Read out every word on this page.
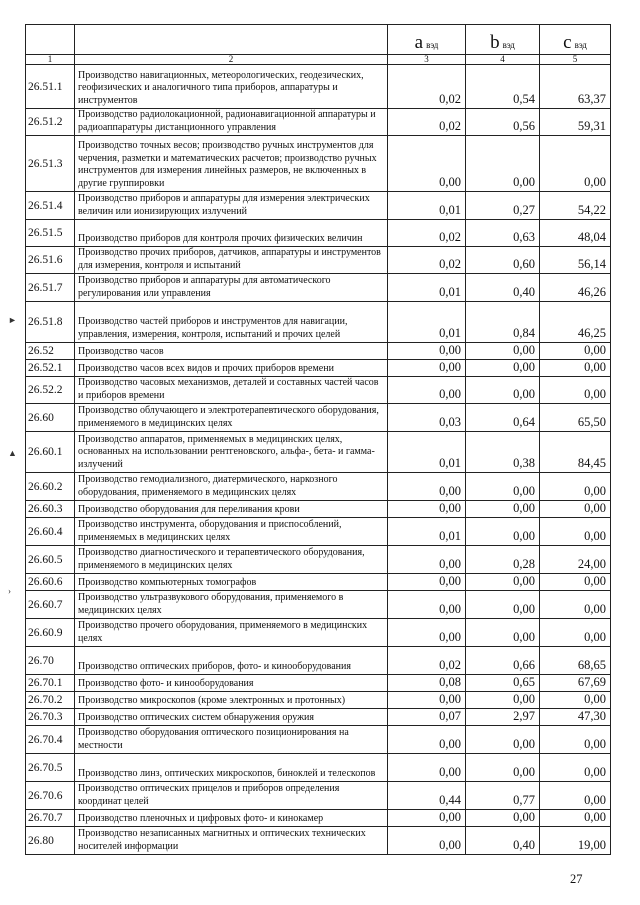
		a вэд	b вэд	c вэд
1	2	3	4	5
26.51.1	Производство навигационных, метеорологических, геодезических, геофизических и аналогичного типа приборов, аппаратуры и инструментов	0,02	0,54	63,37
26.51.2	Производство радиолокационной, радионавигационной аппаратуры и радиоаппаратуры дистанционного управления	0,02	0,56	59,31
26.51.3	Производство точных весов; производство ручных инструментов для черчения, разметки и математических расчетов; производство ручных инструментов для измерения линейных размеров, не включенных в другие группировки	0,00	0,00	0,00
26.51.4	Производство приборов и аппаратуры для измерения электрических величин или ионизирующих излучений	0,01	0,27	54,22
26.51.5	Производство приборов для контроля прочих физических величин	0,02	0,63	48,04
26.51.6	Производство прочих приборов, датчиков, аппаратуры и инструментов для измерения, контроля и испытаний	0,02	0,60	56,14
26.51.7	Производство приборов и аппаратуры для автоматического регулирования или управления	0,01	0,40	46,26
26.51.8	Производство частей приборов и инструментов для навигации, управления, измерения, контроля, испытаний и прочих целей	0,01	0,84	46,25
26.52	Производство часов	0,00	0,00	0,00
26.52.1	Производство часов всех видов и прочих приборов времени	0,00	0,00	0,00
26.52.2	Производство часовых механизмов, деталей и составных частей часов и приборов времени	0,00	0,00	0,00
26.60	Производство облучающего и электротерапевтического оборудования, применяемого в медицинских целях	0,03	0,64	65,50
26.60.1	Производство аппаратов, применяемых в медицинских целях, основанных на использовании рентгеновского, альфа-, бета- и гамма-излучений	0,01	0,38	84,45
26.60.2	Производство гемодиализного, диатермического, наркозного оборудования, применяемого в медицинских целях	0,00	0,00	0,00
26.60.3	Производство оборудования для переливания крови	0,00	0,00	0,00
26.60.4	Производство инструмента, оборудования и приспособлений, применяемых в медицинских целях	0,01	0,00	0,00
26.60.5	Производство диагностического и терапевтического оборудования, применяемого в медицинских целях	0,00	0,28	24,00
26.60.6	Производство компьютерных томографов	0,00	0,00	0,00
26.60.7	Производство ультразвукового оборудования, применяемого в медицинских целях	0,00	0,00	0,00
26.60.9	Производство прочего оборудования, применяемого в медицинских целях	0,00	0,00	0,00
26.70	Производство оптических приборов, фото- и кинооборудования	0,02	0,66	68,65
26.70.1	Производство фото- и кинооборудования	0,08	0,65	67,69
26.70.2	Производство микроскопов (кроме электронных и протонных)	0,00	0,00	0,00
26.70.3	Производство оптических систем обнаружения оружия	0,07	2,97	47,30
26.70.4	Производство оборудования оптического позиционирования на местности	0,00	0,00	0,00
26.70.5	Производство линз, оптических микроскопов, биноклей и телескопов	0,00	0,00	0,00
26.70.6	Производство оптических прицелов и приборов определения координат целей	0,44	0,77	0,00
26.70.7	Производство пленочных и цифровых фото- и кинокамер	0,00	0,00	0,00
26.80	Производство незаписанных магнитных и оптических технических носителей информации	0,00	0,40	19,00
►
▲
›
27
